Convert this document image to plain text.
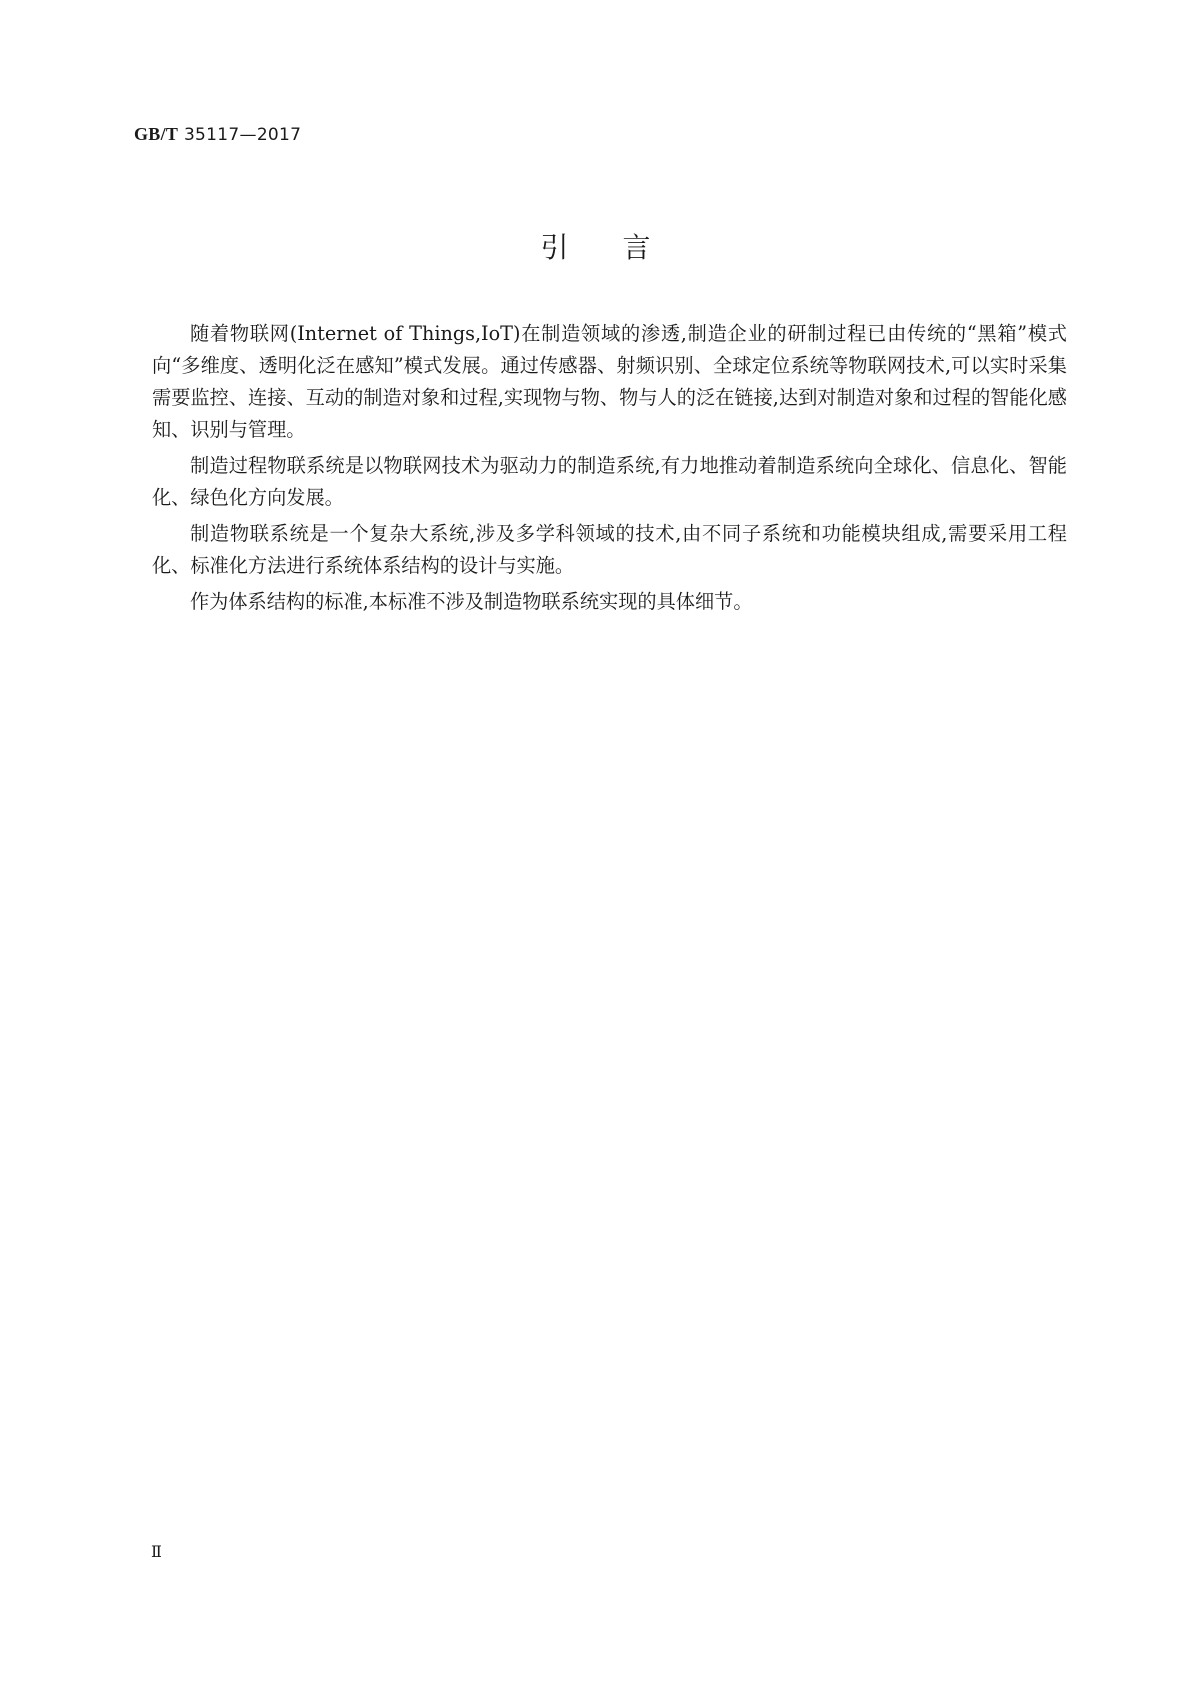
GB/T 35117—2017
引言

随着物联网(Internet of Things,IoT)在制造领域的渗透,制造企业的研制过程已由传统的“黑箱”模式向“多维度、透明化泛在感知”模式发展。通过传感器、射频识别、全球定位系统等物联网技术,可以实时采集需要监控、连接、互动的制造对象和过程,实现物与物、物与人的泛在链接,达到对制造对象和过程的智能化感知、识别与管理。

制造过程物联系统是以物联网技术为驱动力的制造系统,有力地推动着制造系统向全球化、信息化、智能化、绿色化方向发展。

制造物联系统是一个复杂大系统,涉及多学科领域的技术,由不同子系统和功能模块组成,需要采用工程化、标准化方法进行系统体系结构的设计与实施。

作为体系结构的标准,本标准不涉及制造物联系统实现的具体细节。

Ⅱ
